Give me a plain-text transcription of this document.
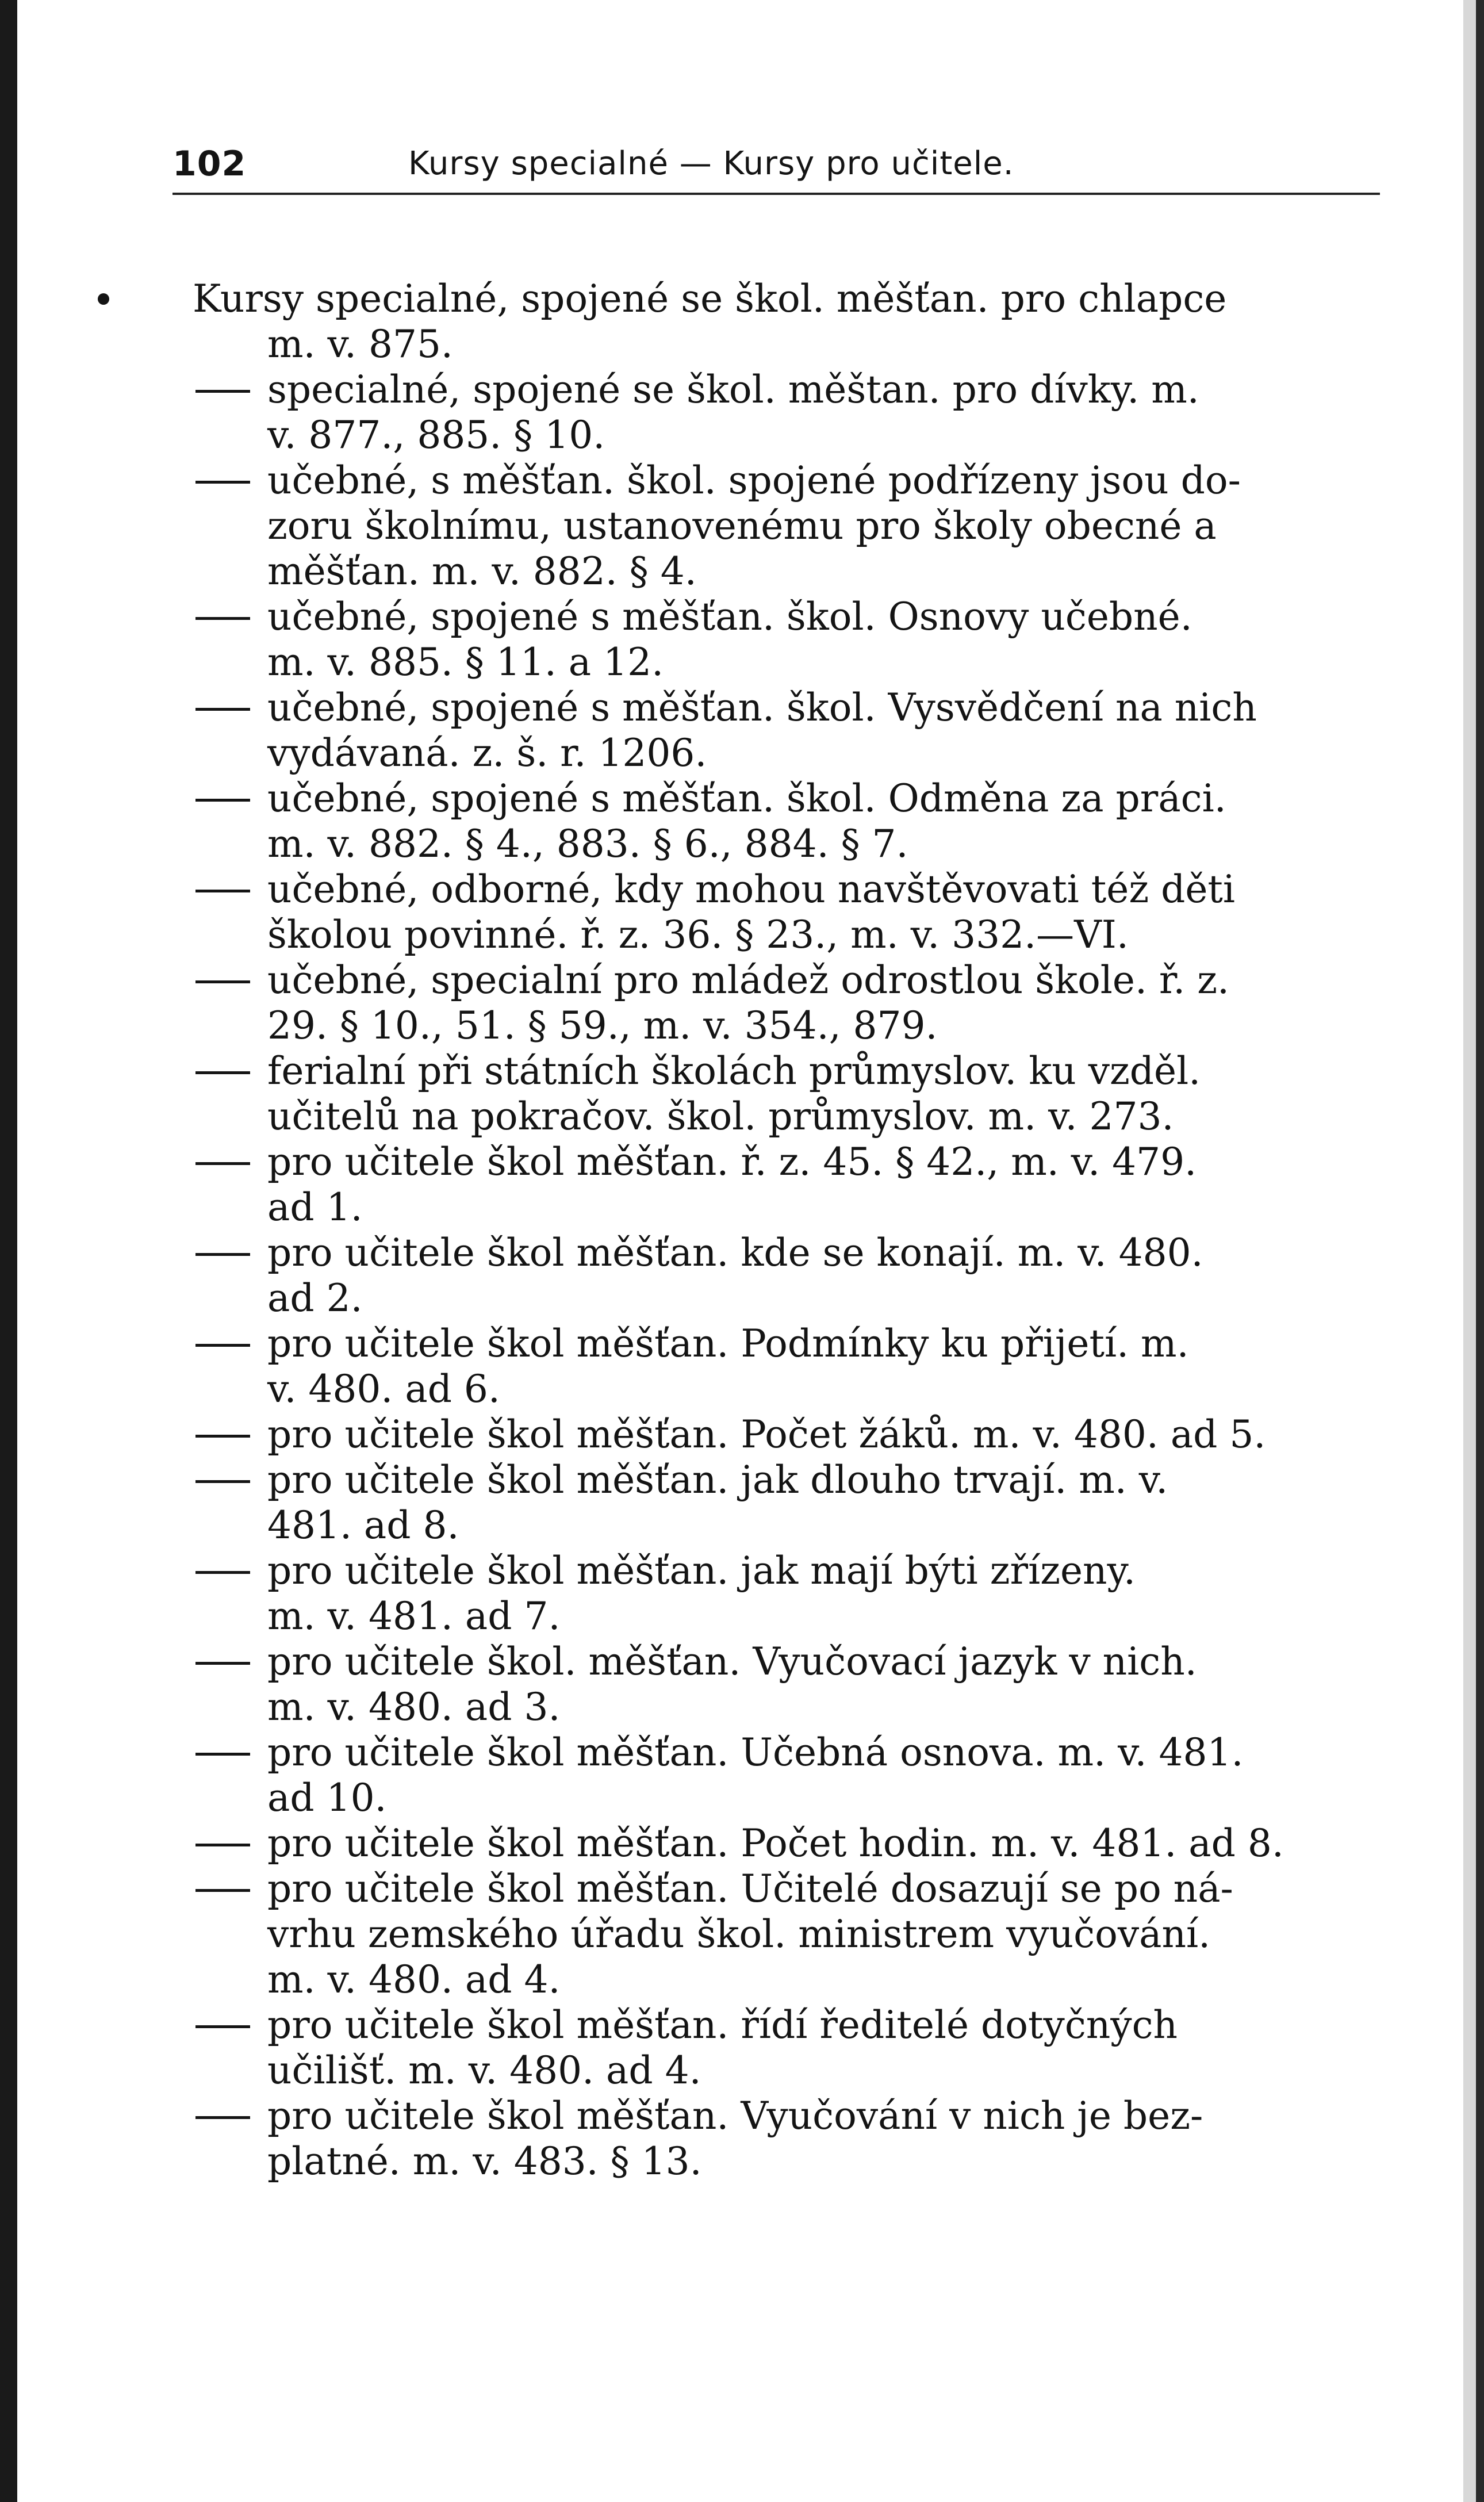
102	Kursy specialné — Kursy pro učitele.
Kursy specialné, spojené se škol. měšťan. pro chlapce
m. v. 875.
specialné, spojené se škol. měštan. pro dívky. m.
v. 877., 885. § 10.
učebné, s měšťan. škol. spojené podřízeny jsou do-
zoru školnímu, ustanovenému pro školy obecné a
měšťan. m. v. 882. § 4.
učebné, spojené s měšťan. škol. Osnovy učebné.
m. v. 885. § 11. a 12.
učebné, spojené s měšťan. škol. Vysvědčení na nich
vydávaná. z. š. r. 1206.
učebné, spojené s měšťan. škol. Odměna za práci.
m. v. 882. § 4., 883. § 6., 884. § 7.
učebné, odborné, kdy mohou navštěvovati též děti
školou povinné. ř. z. 36. § 23., m. v. 332.—VI.
učebné, specialní pro mládež odrostlou škole. ř. z.
29. § 10., 51. § 59., m. v. 354., 879.
ferialní při státních školách průmyslov. ku vzděl.
učitelů na pokračov. škol. průmyslov. m. v. 273.
pro učitele škol měšťan. ř. z. 45. § 42., m. v. 479.
ad 1.
pro učitele škol měšťan. kde se konají. m. v. 480.
ad 2.
pro učitele škol měšťan. Podmínky ku přijetí. m.
v. 480. ad 6.
pro učitele škol měšťan. Počet žáků. m. v. 480. ad 5.
pro učitele škol měšťan. jak dlouho trvají. m. v.
481. ad 8.
pro učitele škol měšťan. jak mají býti zřízeny.
m. v. 481. ad 7.
pro učitele škol. měšťan. Vyučovací jazyk v nich.
m. v. 480. ad 3.
pro učitele škol měšťan. Učebná osnova. m. v. 481.
ad 10.
pro učitele škol měšťan. Počet hodin. m. v. 481. ad 8.
pro učitele škol měšťan. Učitelé dosazují se po ná-
vrhu zemského úřadu škol. ministrem vyučování.
m. v. 480. ad 4.
pro učitele škol měšťan. řídí ředitelé dotyčných
učilišť. m. v. 480. ad 4.
pro učitele škol měšťan. Vyučování v nich je bez-
platné. m. v. 483. § 13.
